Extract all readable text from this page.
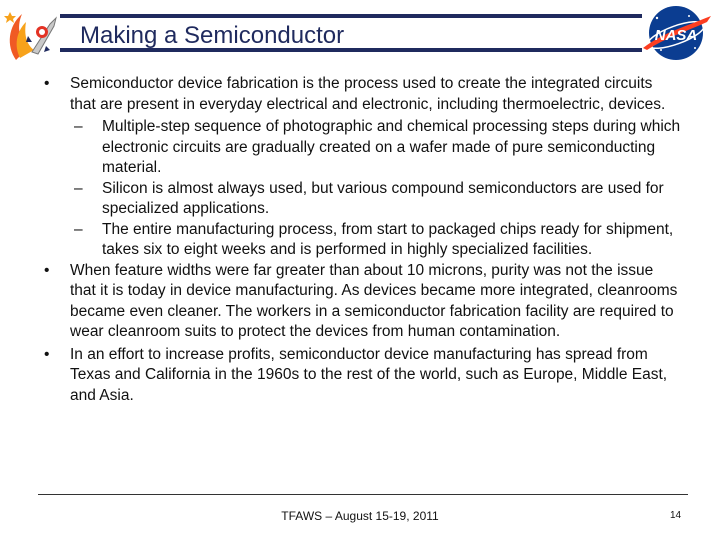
Making a Semiconductor	NASA
• Semiconductor device fabrication is the process used to create the integrated circuits that are present in everyday electrical and electronic, including thermoelectric, devices.
– Multiple-step sequence of photographic and chemical processing steps during which electronic circuits are gradually created on a wafer made of pure semiconducting material.
– Silicon is almost always used, but various compound semiconductors are used for specialized applications.
– The entire manufacturing process, from start to packaged chips ready for shipment, takes six to eight weeks and is performed in highly specialized facilities.
• When feature widths were far greater than about 10 microns, purity was not the issue that it is today in device manufacturing. As devices became more integrated, cleanrooms became even cleaner. The workers in a semiconductor fabrication facility are required to wear cleanroom suits to protect the devices from human contamination.
• In an effort to increase profits, semiconductor device manufacturing has spread from Texas and California in the 1960s to the rest of the world, such as Europe, Middle East, and Asia.
TFAWS – August 15-19, 2011	14
